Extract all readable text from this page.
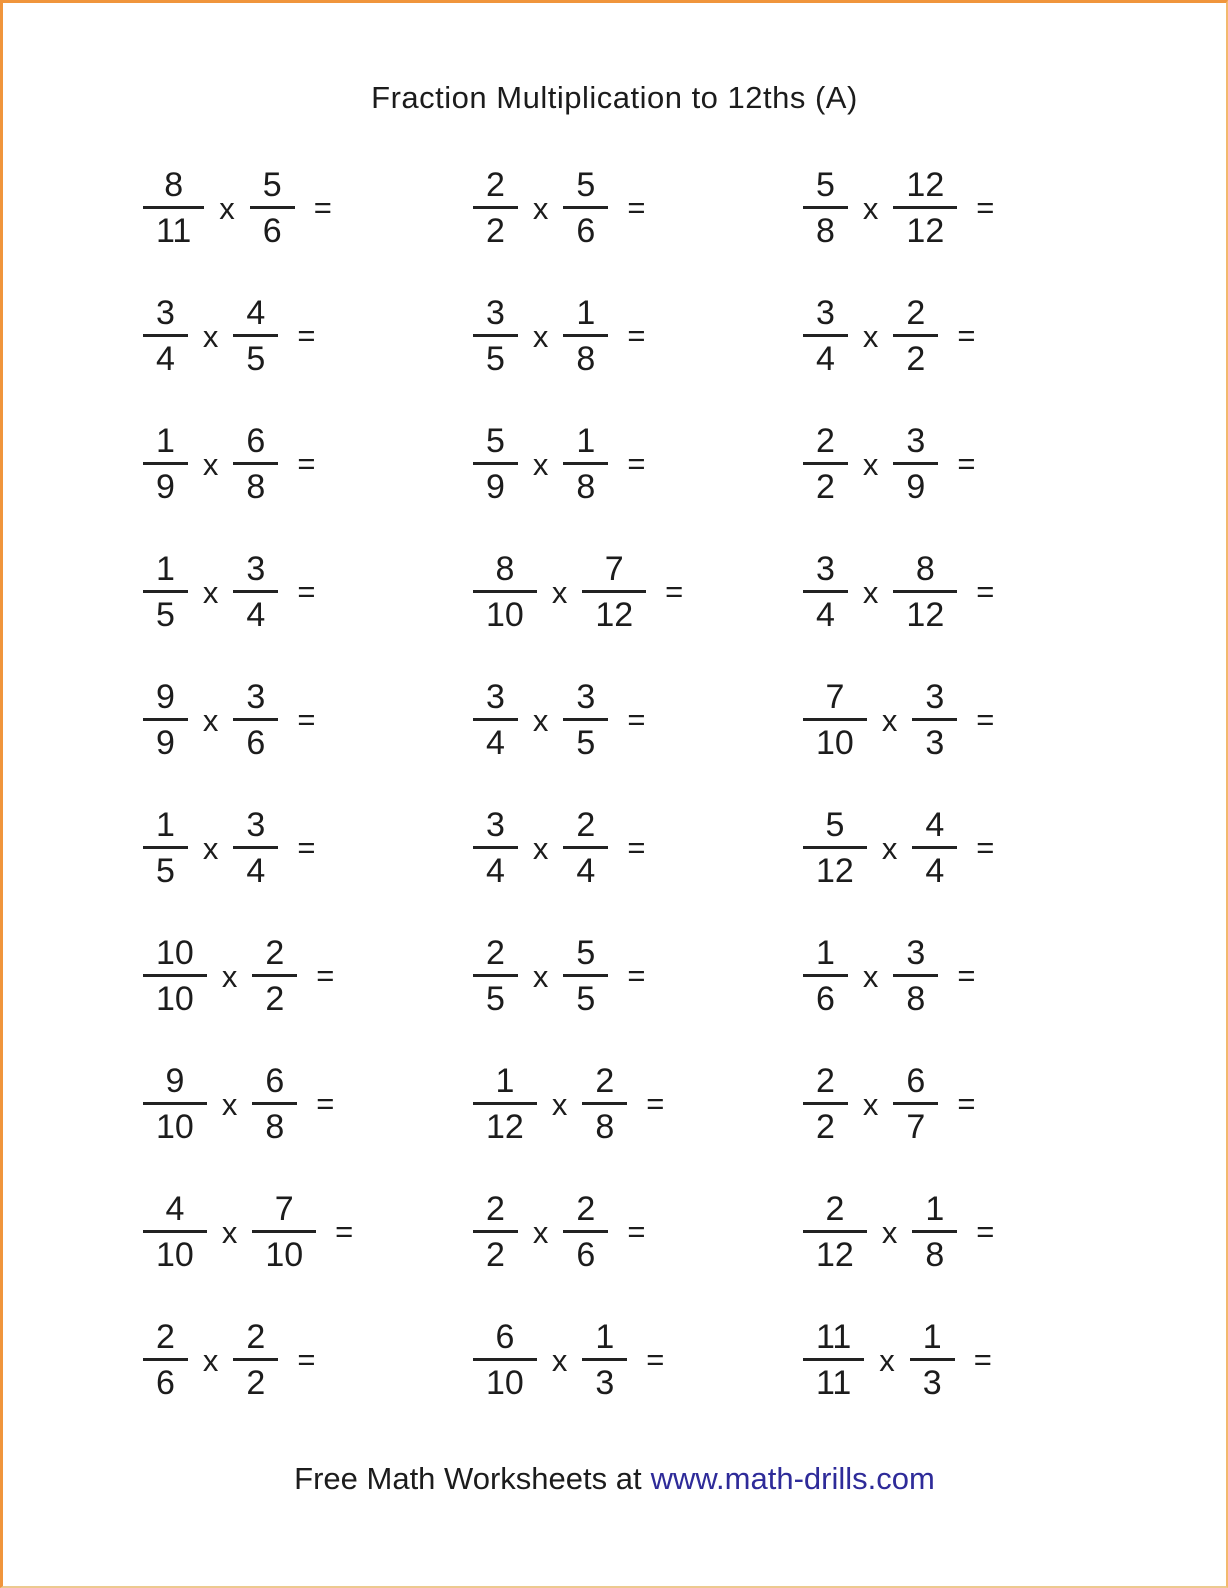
Fraction Multiplication to 12ths (A)
$\frac{8}{11}$ x $\frac{5}{6}$ =	$\frac{2}{2}$ x $\frac{5}{6}$ =	$\frac{5}{8}$ x $\frac{12}{12}$ =
$\frac{3}{4}$ x $\frac{4}{5}$ =	$\frac{3}{5}$ x $\frac{1}{8}$ =	$\frac{3}{4}$ x $\frac{2}{2}$ =
$\frac{1}{9}$ x $\frac{6}{8}$ =	$\frac{5}{9}$ x $\frac{1}{8}$ =	$\frac{2}{2}$ x $\frac{3}{9}$ =
$\frac{1}{5}$ x $\frac{3}{4}$ =	$\frac{8}{10}$ x $\frac{7}{12}$ =	$\frac{3}{4}$ x $\frac{8}{12}$ =
$\frac{9}{9}$ x $\frac{3}{6}$ =	$\frac{3}{4}$ x $\frac{3}{5}$ =	$\frac{7}{10}$ x $\frac{3}{3}$ =
$\frac{1}{5}$ x $\frac{3}{4}$ =	$\frac{3}{4}$ x $\frac{2}{4}$ =	$\frac{5}{12}$ x $\frac{4}{4}$ =
$\frac{10}{10}$ x $\frac{2}{2}$ =	$\frac{2}{5}$ x $\frac{5}{5}$ =	$\frac{1}{6}$ x $\frac{3}{8}$ =
$\frac{9}{10}$ x $\frac{6}{8}$ =	$\frac{1}{12}$ x $\frac{2}{8}$ =	$\frac{2}{2}$ x $\frac{6}{7}$ =
$\frac{4}{10}$ x $\frac{7}{10}$ =	$\frac{2}{2}$ x $\frac{2}{6}$ =	$\frac{2}{12}$ x $\frac{1}{8}$ =
$\frac{2}{6}$ x $\frac{2}{2}$ =	$\frac{6}{10}$ x $\frac{1}{3}$ =	$\frac{11}{11}$ x $\frac{1}{3}$ =
Free Math Worksheets at www.math-drills.com
